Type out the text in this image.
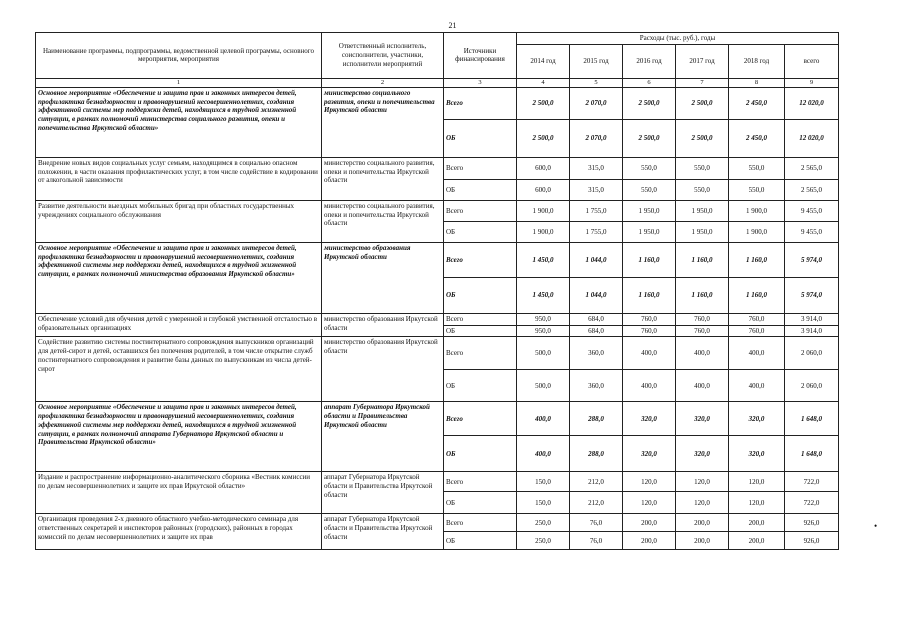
21
'
•
Наименование программы, подпрограммы, ведомственной целевой программы, основного мероприятия, мероприятия	Ответственный исполнитель, соисполнители, участники, исполнители мероприятий	Источники финансирования	Расходы (тыс. руб.), годы					
			2014 год	2015 год	2016 год	2017 год	2018 год	всего
1	2	3	4	5	6	7	8	9
Основное мероприятие «Обеспечение и защита прав и законных интересов детей, профилактика безнадзорности и правонарушений несовершеннолетних, создания эффективной системы мер поддержки детей, находящихся в трудной жизненной ситуации, в рамках полномочий министерства социального развития, опеки и попечительства Иркутской области»	министерство социального развития, опеки и попечительства Иркутской области	Всего	2 500,0	2 070,0	2 500,0	2 500,0	2 450,0	12 020,0
		ОБ	2 500,0	2 070,0	2 500,0	2 500,0	2 450,0	12 020,0
Внедрение новых видов социальных услуг семьям, находящимся в социально опасном положении, в части оказания профилактических услуг, в том числе содействие в кодировании от алкогольной зависимости	министерство социального развития, опеки и попечительства Иркутской области	Всего	600,0	315,0	550,0	550,0	550,0	2 565,0
		ОБ	600,0	315,0	550,0	550,0	550,0	2 565,0
Развитие деятельности выездных мобильных бригад при областных государственных учреждениях социального обслуживания	министерство социального развития, опеки и попечительства Иркутской области	Всего	1 900,0	1 755,0	1 950,0	1 950,0	1 900,0	9 455,0
		ОБ	1 900,0	1 755,0	1 950,0	1 950,0	1 900,0	9 455,0
Основное мероприятие «Обеспечение и защита прав и законных интересов детей, профилактика безнадзорности и правонарушений несовершеннолетних, создания эффективной системы мер поддержки детей, находящихся в трудной жизненной ситуации, в рамках полномочий министерства образования Иркутской области»	министерство образования Иркутской области	Всего	1 450,0	1 044,0	1 160,0	1 160,0	1 160,0	5 974,0
		ОБ	1 450,0	1 044,0	1 160,0	1 160,0	1 160,0	5 974,0
Обеспечение условий для обучения детей с умеренной и глубокой умственной отсталостью в образовательных организациях	министерство образования Иркутской области	Всего	950,0	684,0	760,0	760,0	760,0	3 914,0
		ОБ	950,0	684,0	760,0	760,0	760,0	3 914,0
Содействие развитию системы постинтернатного сопровождения выпускников организаций для детей-сирот и детей, оставшихся без попечения родителей, в том числе открытие служб постинтернатного сопровождения и развитие базы данных по выпускникам из числа детей-сирот	министерство образования Иркутской области	Всего	500,0	360,0	400,0	400,0	400,0	2 060,0
		ОБ	500,0	360,0	400,0	400,0	400,0	2 060,0
Основное мероприятие «Обеспечение и защита прав и законных интересов детей, профилактика безнадзорности и правонарушений несовершеннолетних, создания эффективной системы мер поддержки детей, находящихся в трудной жизненной ситуации, в рамках полномочий аппарата Губернатора Иркутской области и Правительства Иркутской области»	аппарат Губернатора Иркутской области и Правительства Иркутской области	Всего	400,0	288,0	320,0	320,0	320,0	1 648,0
		ОБ	400,0	288,0	320,0	320,0	320,0	1 648,0
Издание и распространение информационно-аналитического сборника «Вестник комиссии по делам несовершеннолетних и защите их прав Иркутской области»	аппарат Губернатора Иркутской области и Правительства Иркутской области	Всего	150,0	212,0	120,0	120,0	120,0	722,0
		ОБ	150,0	212,0	120,0	120,0	120,0	722,0
Организация проведения 2-х дневного областного учебно-методического семинара для ответственных секретарей и инспекторов районных (городских), районных в городах комиссий по делам несовершеннолетних и защите их прав	аппарат Губернатора Иркутской области и Правительства Иркутской области	Всего	250,0	76,0	200,0	200,0	200,0	926,0
		ОБ	250,0	76,0	200,0	200,0	200,0	926,0
